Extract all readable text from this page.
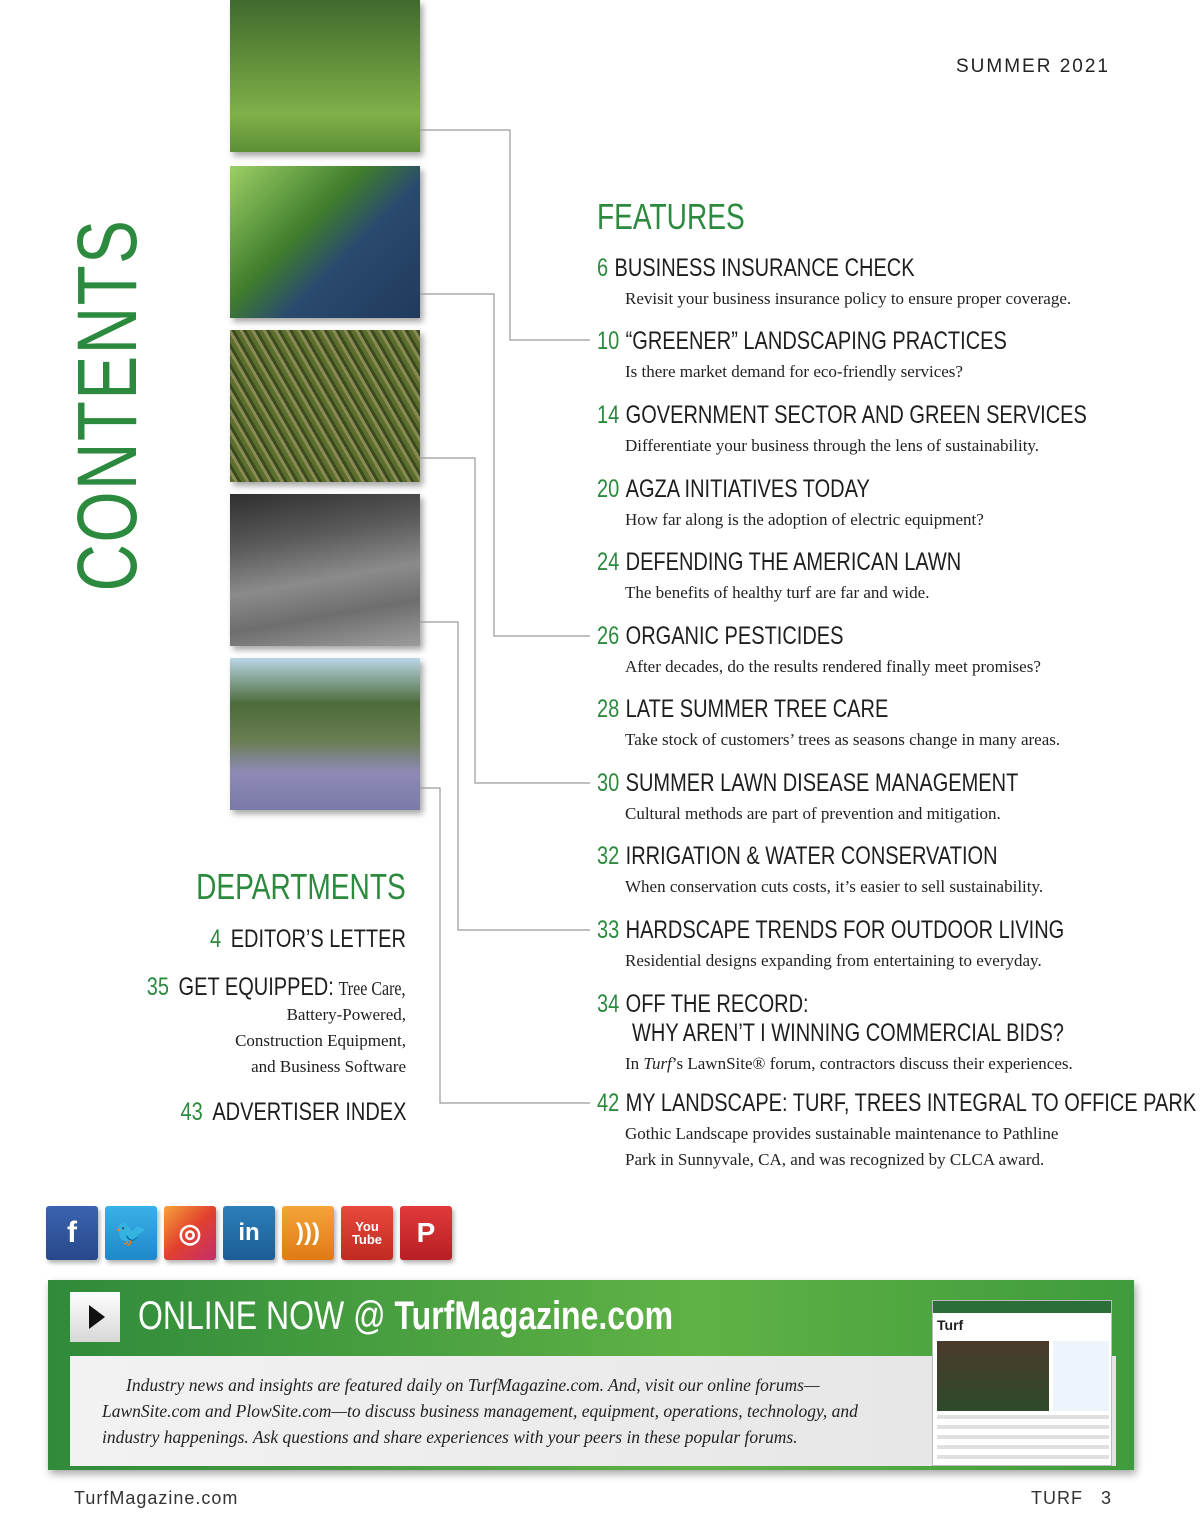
SUMMER 2021
CONTENTS
FEATURES
6 BUSINESS INSURANCE CHECK
Revisit your business insurance policy to ensure proper coverage.
10 “GREENER” LANDSCAPING PRACTICES
Is there market demand for eco-friendly services?
14 GOVERNMENT SECTOR AND GREEN SERVICES
Differentiate your business through the lens of sustainability.
20 AGZA INITIATIVES TODAY
How far along is the adoption of electric equipment?
24 DEFENDING THE AMERICAN LAWN
The benefits of healthy turf are far and wide.
26 ORGANIC PESTICIDES
After decades, do the results rendered finally meet promises?
28 LATE SUMMER TREE CARE
Take stock of customers’ trees as seasons change in many areas.
30 SUMMER LAWN DISEASE MANAGEMENT
Cultural methods are part of prevention and mitigation.
32 IRRIGATION & WATER CONSERVATION
When conservation cuts costs, it’s easier to sell sustainability.
33 HARDSCAPE TRENDS FOR OUTDOOR LIVING
Residential designs expanding from entertaining to everyday.
34 OFF THE RECORD:
WHY AREN’T I WINNING COMMERCIAL BIDS?
In Turf’s LawnSite® forum, contractors discuss their experiences.
42 MY LANDSCAPE: TURF, TREES INTEGRAL TO OFFICE PARK
Gothic Landscape provides sustainable maintenance to Pathline
Park in Sunnyvale, CA, and was recognized by CLCA award.
DEPARTMENTS
4 EDITOR’S LETTER
35 GET EQUIPPED: Tree Care,
Battery-Powered,
Construction Equipment,
and Business Software
43 ADVERTISER INDEX
f	🐦	◎	in	)))	You
Tube	P
ONLINE NOW @ TurfMagazine.com
Industry news and insights are featured daily on TurfMagazine.com. And, visit our online forums—LawnSite.com and PlowSite.com—to discuss business management, equipment, operations, technology, and industry happenings. Ask questions and share experiences with your peers in these popular forums.
Turf
TurfMagazine.com	TURF 3
